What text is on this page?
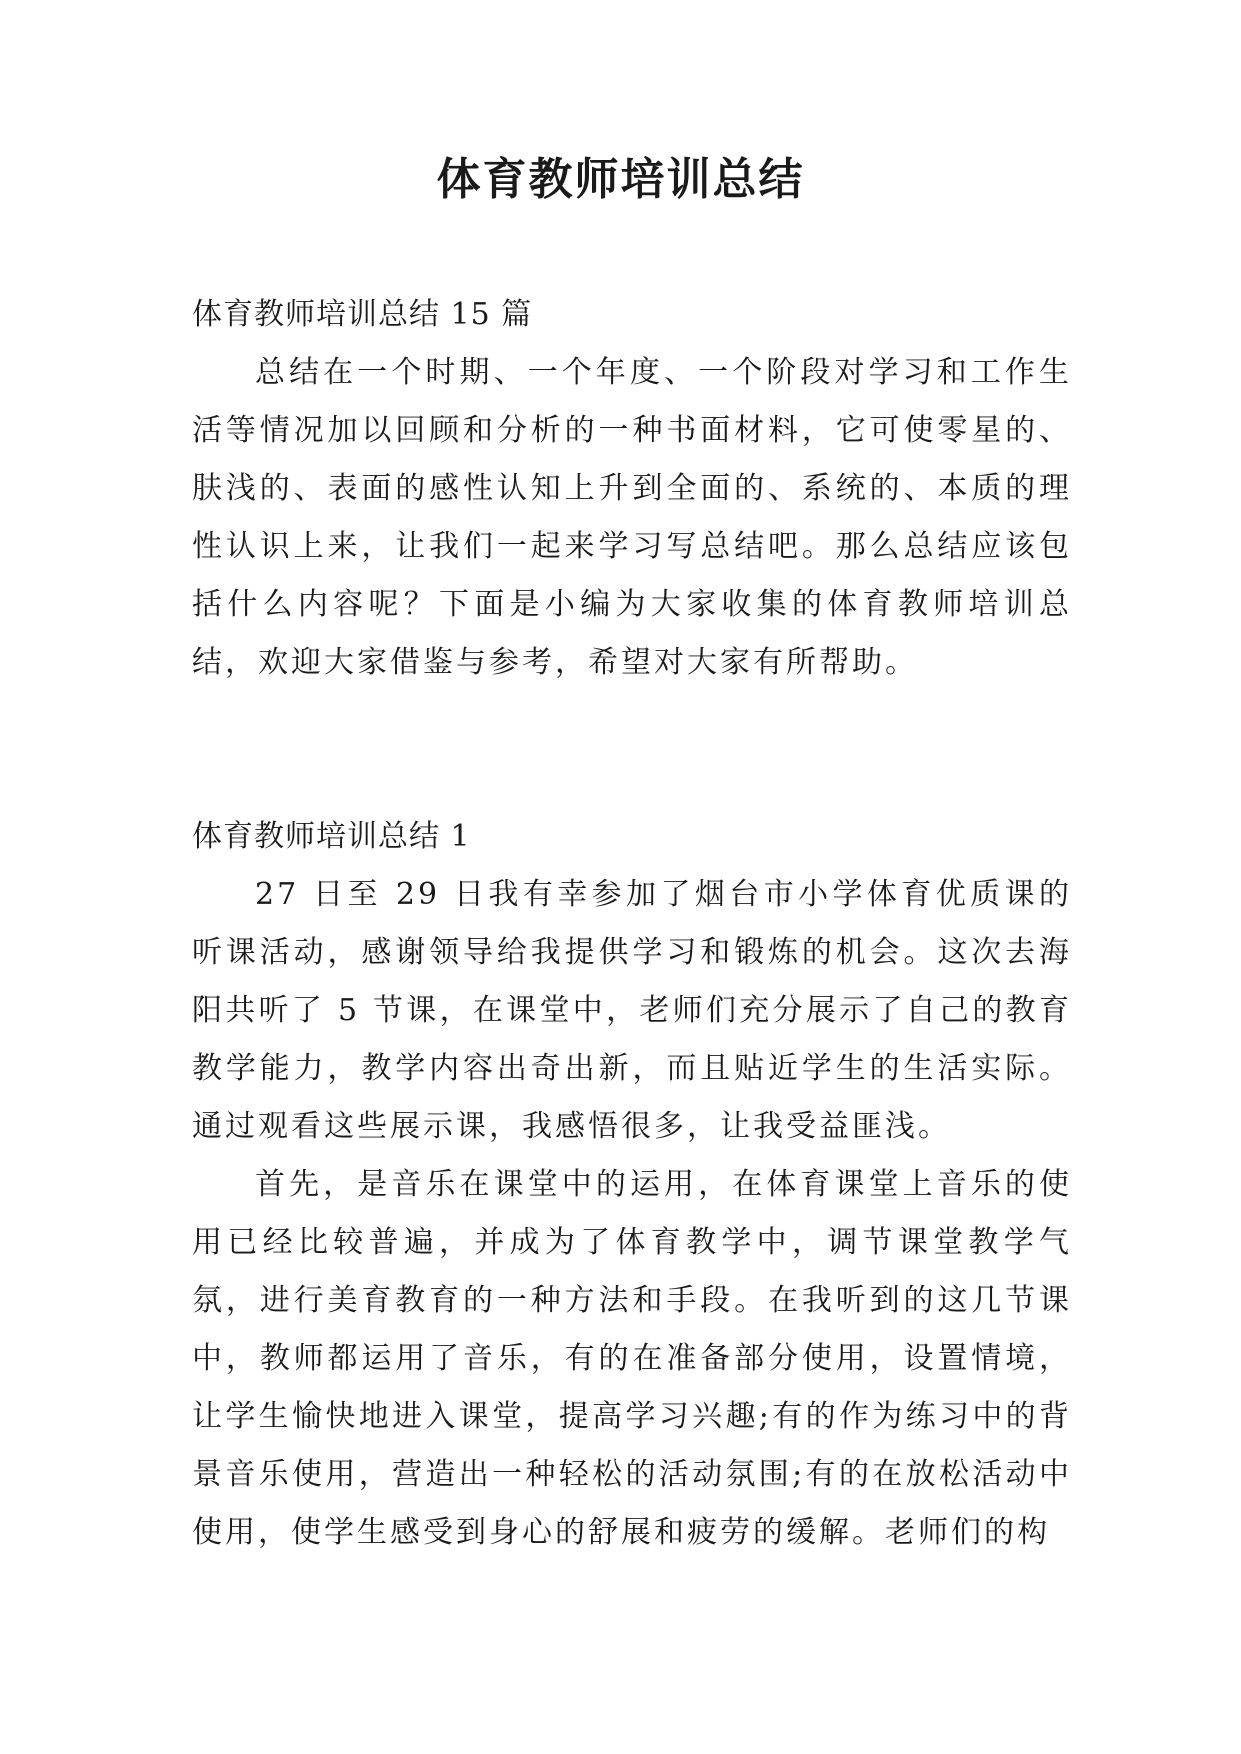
体育教师培训总结

体育教师培训总结 15 篇

总结在一个时期、一个年度、一个阶段对学习和工作生活等情况加以回顾和分析的一种书面材料，它可使零星的、肤浅的、表面的感性认知上升到全面的、系统的、本质的理性认识上来，让我们一起来学习写总结吧。那么总结应该包括什么内容呢？下面是小编为大家收集的体育教师培训总结，欢迎大家借鉴与参考，希望对大家有所帮助。

体育教师培训总结 1

27 日至 29 日我有幸参加了烟台市小学体育优质课的听课活动，感谢领导给我提供学习和锻炼的机会。这次去海阳共听了 5 节课，在课堂中，老师们充分展示了自己的教育教学能力，教学内容出奇出新，而且贴近学生的生活实际。通过观看这些展示课，我感悟很多，让我受益匪浅。

首先，是音乐在课堂中的运用，在体育课堂上音乐的使用已经比较普遍，并成为了体育教学中，调节课堂教学气氛，进行美育教育的一种方法和手段。在我听到的这几节课中，教师都运用了音乐，有的在准备部分使用，设置情境，让学生愉快地进入课堂，提高学习兴趣;有的作为练习中的背景音乐使用，营造出一种轻松的活动氛围;有的在放松活动中使用，使学生感受到身心的舒展和疲劳的缓解。老师们的构
